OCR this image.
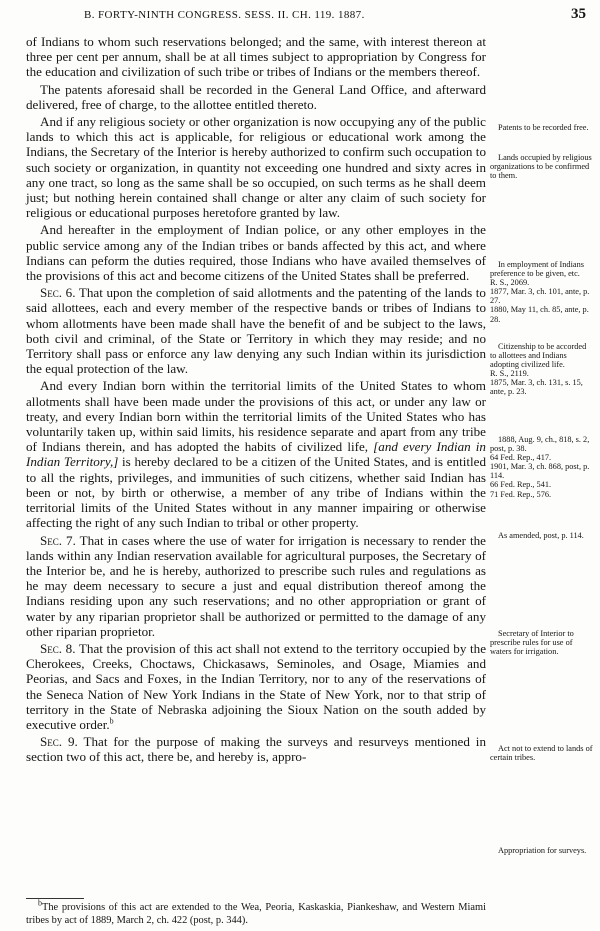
B. FORTY-NINTH CONGRESS. SESS. II. CH. 119. 1887.	35

of Indians to whom such reservations belonged; and the same, with interest thereon at three per cent per annum, shall be at all times subject to appropriation by Congress for the education and civilization of such tribe or tribes of Indians or the members thereof.

The patents aforesaid shall be recorded in the General Land Office, and afterward delivered, free of charge, to the allottee entitled thereto.

And if any religious society or other organization is now occupying any of the public lands to which this act is applicable, for religious or educational work among the Indians, the Secretary of the Interior is hereby authorized to confirm such occupation to such society or organization, in quantity not exceeding one hundred and sixty acres in any one tract, so long as the same shall be so occupied, on such terms as he shall deem just; but nothing herein contained shall change or alter any claim of such society for religious or educational purposes heretofore granted by law.

And hereafter in the employment of Indian police, or any other employes in the public service among any of the Indian tribes or bands affected by this act, and where Indians can peform the duties required, those Indians who have availed themselves of the provisions of this act and become citizens of the United States shall be preferred.

Sec. 6. That upon the completion of said allotments and the patenting of the lands to said allottees, each and every member of the respective bands or tribes of Indians to whom allotments have been made shall have the benefit of and be subject to the laws, both civil and criminal, of the State or Territory in which they may reside; and no Territory shall pass or enforce any law denying any such Indian within its jurisdiction the equal protection of the law.

And every Indian born within the territorial limits of the United States to whom allotments shall have been made under the provisions of this act, or under any law or treaty, and every Indian born within the territorial limits of the United States who has voluntarily taken up, within said limits, his residence separate and apart from any tribe of Indians therein, and has adopted the habits of civilized life, [and every Indian in Indian Territory,] is hereby declared to be a citizen of the United States, and is entitled to all the rights, privileges, and immunities of such citizens, whether said Indian has been or not, by birth or otherwise, a member of any tribe of Indians within the territorial limits of the United States without in any manner impairing or otherwise affecting the right of any such Indian to tribal or other property.

Sec. 7. That in cases where the use of water for irrigation is necessary to render the lands within any Indian reservation available for agricultural purposes, the Secretary of the Interior be, and he is hereby, authorized to prescribe such rules and regulations as he may deem necessary to secure a just and equal distribution thereof among the Indians residing upon any such reservations; and no other appropriation or grant of water by any riparian proprietor shall be authorized or permitted to the damage of any other riparian proprietor.

Sec. 8. That the provision of this act shall not extend to the territory occupied by the Cherokees, Creeks, Choctaws, Chickasaws, Seminoles, and Osage, Miamies and Peorias, and Sacs and Foxes, in the Indian Territory, nor to any of the reservations of the Seneca Nation of New York Indians in the State of New York, nor to that strip of territory in the State of Nebraska adjoining the Sioux Nation on the south added by executive order.$^b$

Sec. 9. That for the purpose of making the surveys and resurveys mentioned in section two of this act, there be, and hereby is, appro-

Patents to be recorded free.
Lands occupied by religious organizations to be confirmed to them.
In employment of Indians preference to be given, etc.
R. S., 2069.
1877, Mar. 3, ch. 101, ante, p. 27.
1880, May 11, ch. 85, ante, p. 28.
Citizenship to be accorded to allottees and Indians adopting civilized life.
R. S., 2119.
1875, Mar. 3, ch. 131, s. 15, ante, p. 23.
1888, Aug. 9, ch., 818, s. 2, post, p. 38.
64 Fed. Rep., 417.
1901, Mar. 3, ch. 868, post, p. 114.
66 Fed. Rep., 541.
71 Fed. Rep., 576.
As amended, post, p. 114.
Secretary of Interior to prescribe rules for use of waters for irrigation.
Act not to extend to lands of certain tribes.
Appropriation for surveys.
$^b$The provisions of this act are extended to the Wea, Peoria, Kaskaskia, Piankeshaw, and Western Miami tribes by act of 1889, March 2, ch. 422 (post, p. 344).
